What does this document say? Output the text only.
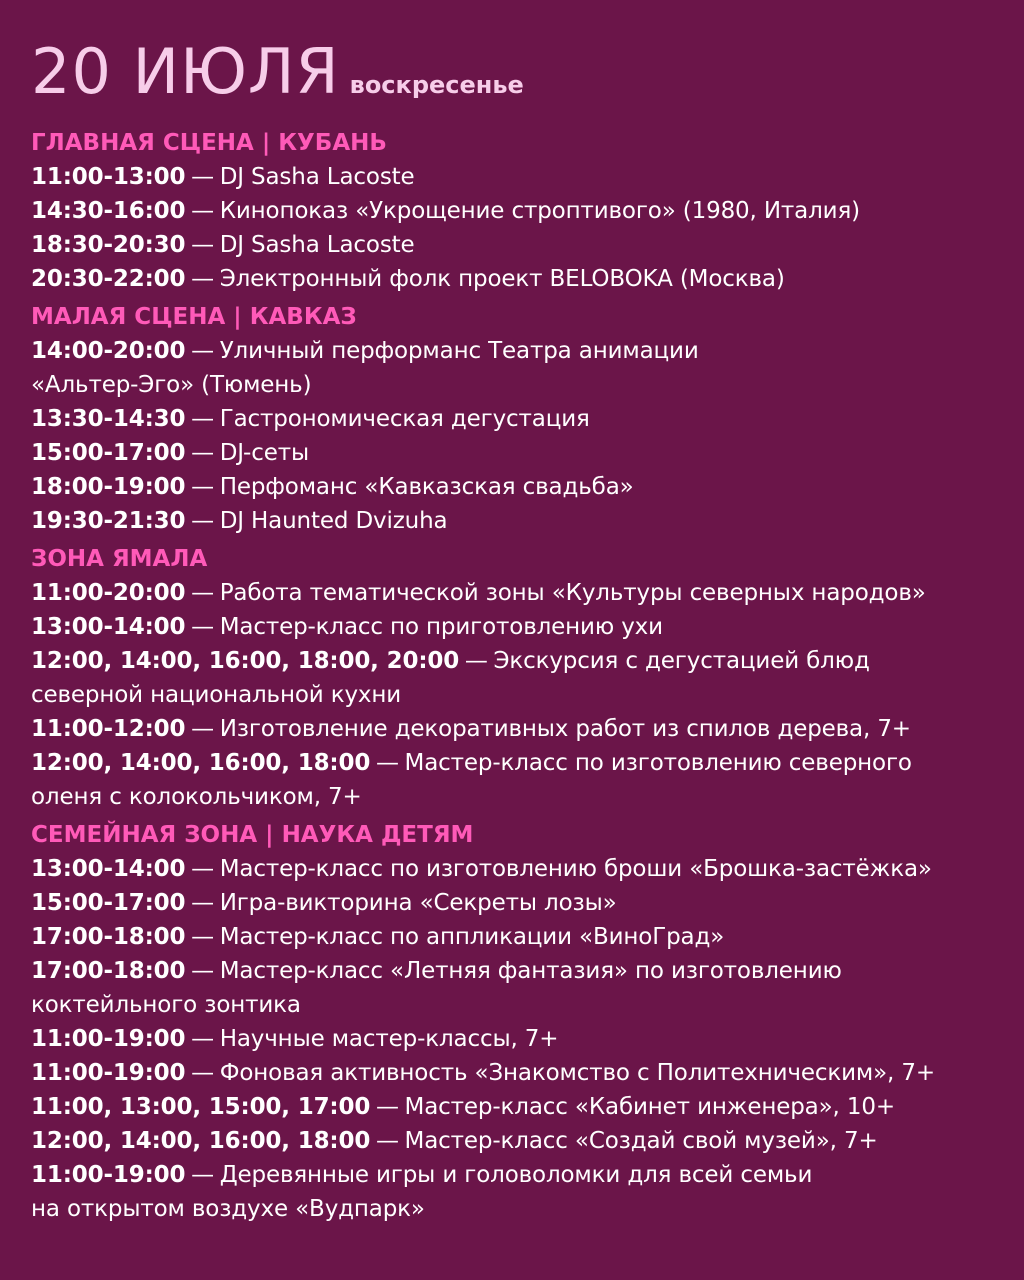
20 ИЮЛЯ воскресенье
ГЛАВНАЯ СЦЕНА | КУБАНЬ
11:00-13:00 — DJ Sasha Lacoste
14:30-16:00 — Кинопоказ «Укрощение строптивого» (1980, Италия)
18:30-20:30 — DJ Sasha Lacoste
20:30-22:00 — Электронный фолк проект BELOBOKA (Москва)
МАЛАЯ СЦЕНА | КАВКАЗ
14:00-20:00 — Уличный перформанс Театра анимации
«Альтер-Эго» (Тюмень)
13:30-14:30 — Гастрономическая дегустация
15:00-17:00 — DJ-сеты
18:00-19:00 — Перфоманс «Кавказская свадьба»
19:30-21:30 — DJ Haunted Dvizuha
ЗОНА ЯМАЛА
11:00-20:00 — Работа тематической зоны «Культуры северных народов»
13:00-14:00 — Мастер-класс по приготовлению ухи
12:00, 14:00, 16:00, 18:00, 20:00 — Экскурсия с дегустацией блюд
северной национальной кухни
11:00-12:00 — Изготовление декоративных работ из спилов дерева, 7+
12:00, 14:00, 16:00, 18:00 — Мастер-класс по изготовлению северного
оленя с колокольчиком, 7+
СЕМЕЙНАЯ ЗОНА | НАУКА ДЕТЯМ
13:00-14:00 — Мастер-класс по изготовлению броши «Брошка-застёжка»
15:00-17:00 — Игра-викторина «Секреты лозы»
17:00-18:00 — Мастер-класс по аппликации «ВиноГрад»
17:00-18:00 — Мастер-класс «Летняя фантазия» по изготовлению
коктейльного зонтика
11:00-19:00 — Научные мастер-классы, 7+
11:00-19:00 — Фоновая активность «Знакомство с Политехническим», 7+
11:00, 13:00, 15:00, 17:00 — Мастер-класс «Кабинет инженера», 10+
12:00, 14:00, 16:00, 18:00 — Мастер-класс «Создай свой музей», 7+
11:00-19:00 — Деревянные игры и головоломки для всей семьи
на открытом воздухе «Вудпарк»
